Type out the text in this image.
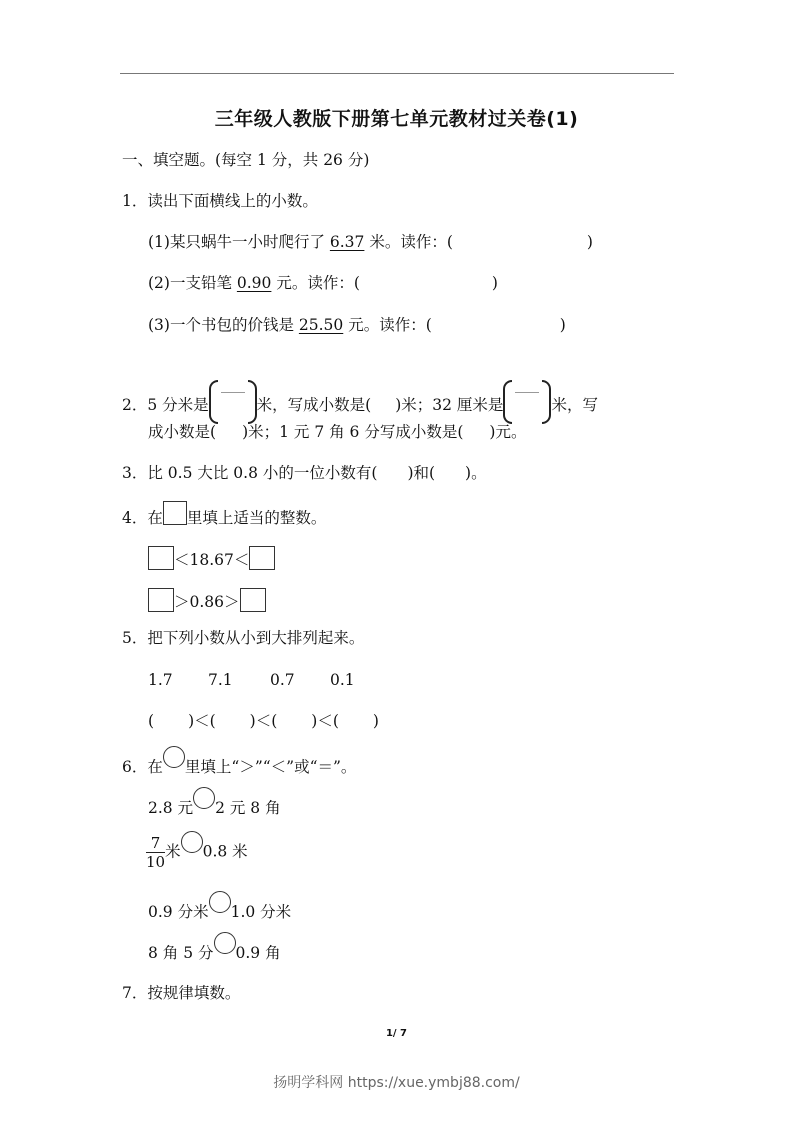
三年级人教版下册第七单元教材过关卷(1)
一、填空题。(每空 1 分，共 26 分)
1．读出下面横线上的小数。
(1)某只蜗牛一小时爬行了 6.37 米。读作：(	)
(2)一支铅笔 0.90 元。读作：(	)
(3)一个书包的价钱是 25.50 元。读作：(	)
2．5 分米是	米，写成小数是( )米；32 厘米是	米，写
成小数是( )米；1 元 7 角 6 分写成小数是( )元。
3．比 0.5 大比 0.8 小的一位小数有( )和( )。
4．在 里填上适当的整数。
＜18.67＜
＞0.86＞
5．把下列小数从小到大排列起来。
1.7 7.1 0.7 0.1
( )＜( )＜( )＜( )
6．在 里填上“＞”“＜”或“＝”。
2.8 元 2 元 8 角
$\frac{7}{10}$ 米 0.8 米
0.9 分米 1.0 分米
8 角 5 分 0.9 角
7．按规律填数。
1/ 7
扬明学科网 https://xue.ymbj88.com/
